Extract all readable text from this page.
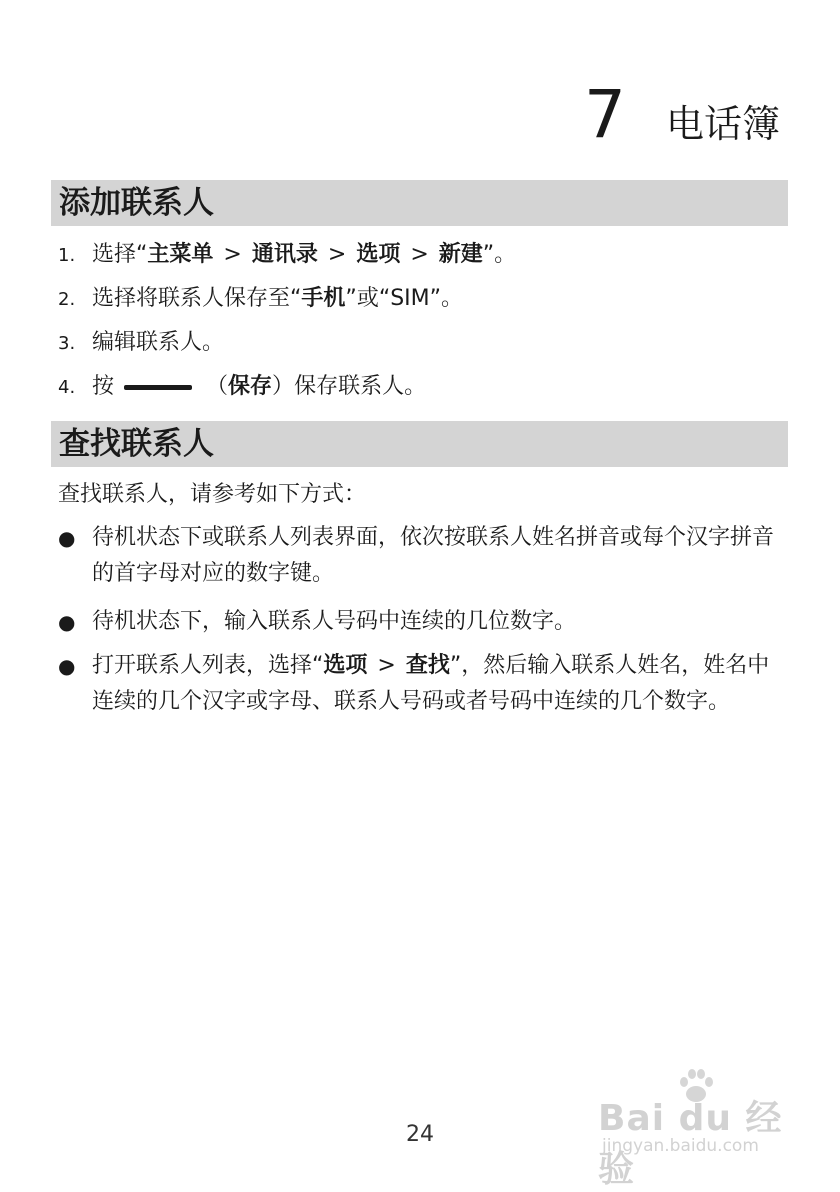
7 电话簿
添加联系人
1. 选择“主菜单 > 通讯录 > 选项 > 新建”。
2. 选择将联系人保存至“手机”或“SIM”。
3. 编辑联系人。
4. 按	（保存）保存联系人。
查找联系人
查找联系人，请参考如下方式：
● 待机状态下或联系人列表界面，依次按联系人姓名拼音或每个汉字拼音的首字母对应的数字键。
● 待机状态下，输入联系人号码中连续的几位数字。
● 打开联系人列表，选择“选项 > 查找”，然后输入联系人姓名，姓名中连续的几个汉字或字母、联系人号码或者号码中连续的几个数字。
24	Bai du 经验
jingyan.baidu.com
